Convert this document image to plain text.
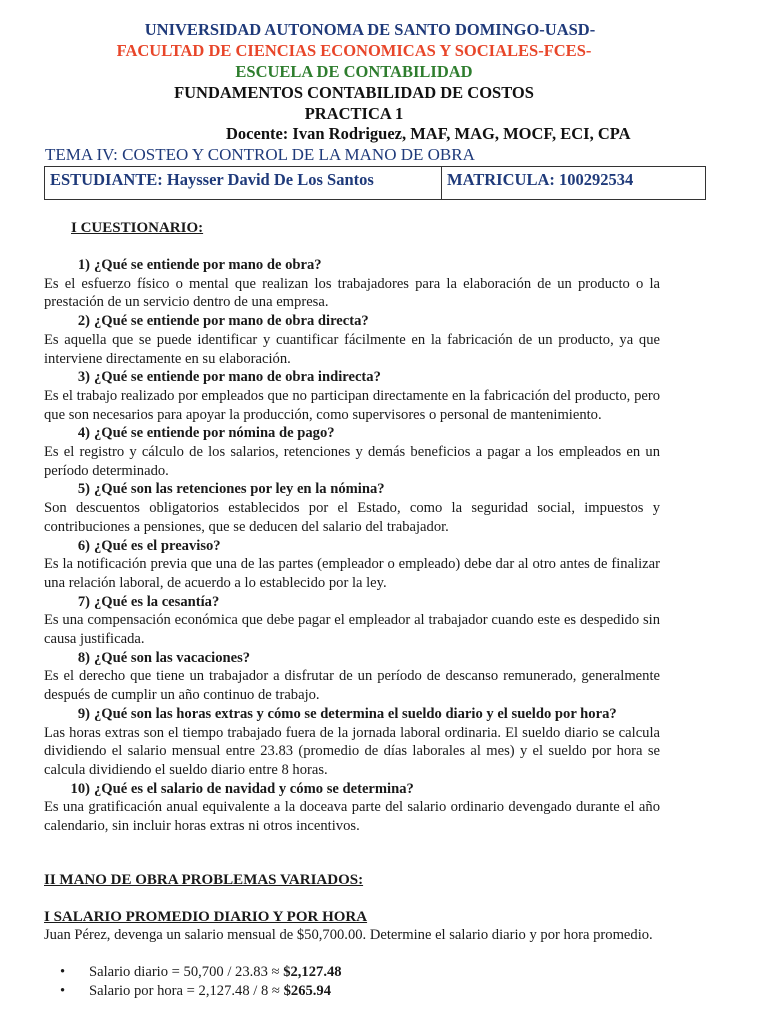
UNIVERSIDAD AUTONOMA DE SANTO DOMINGO-UASD-
FACULTAD DE CIENCIAS ECONOMICAS Y SOCIALES-FCES-
ESCUELA DE CONTABILIDAD
FUNDAMENTOS CONTABILIDAD DE COSTOS
PRACTICA 1
Docente: Ivan Rodriguez, MAF, MAG, MOCF, ECI, CPA
TEMA IV: COSTEO Y CONTROL DE LA MANO DE OBRA
ESTUDIANTE: Haysser David De Los Santos	MATRICULA: 100292534
I CUESTIONARIO:
1) ¿Qué se entiende por mano de obra?
Es el esfuerzo físico o mental que realizan los trabajadores para la elaboración de un producto o la prestación de un servicio dentro de una empresa.
2) ¿Qué se entiende por mano de obra directa?
Es aquella que se puede identificar y cuantificar fácilmente en la fabricación de un producto, ya que interviene directamente en su elaboración.
3) ¿Qué se entiende por mano de obra indirecta?
Es el trabajo realizado por empleados que no participan directamente en la fabricación del producto, pero que son necesarios para apoyar la producción, como supervisores o personal de mantenimiento.
4) ¿Qué se entiende por nómina de pago?
Es el registro y cálculo de los salarios, retenciones y demás beneficios a pagar a los empleados en un período determinado.
5) ¿Qué son las retenciones por ley en la nómina?
Son descuentos obligatorios establecidos por el Estado, como la seguridad social, impuestos y contribuciones a pensiones, que se deducen del salario del trabajador.
6) ¿Qué es el preaviso?
Es la notificación previa que una de las partes (empleador o empleado) debe dar al otro antes de finalizar una relación laboral, de acuerdo a lo establecido por la ley.
7) ¿Qué es la cesantía?
Es una compensación económica que debe pagar el empleador al trabajador cuando este es despedido sin causa justificada.
8) ¿Qué son las vacaciones?
Es el derecho que tiene un trabajador a disfrutar de un período de descanso remunerado, generalmente después de cumplir un año continuo de trabajo.
9) ¿Qué son las horas extras y cómo se determina el sueldo diario y el sueldo por hora?
Las horas extras son el tiempo trabajado fuera de la jornada laboral ordinaria. El sueldo diario se calcula dividiendo el salario mensual entre 23.83 (promedio de días laborales al mes) y el sueldo por hora se calcula dividiendo el sueldo diario entre 8 horas.
10) ¿Qué es el salario de navidad y cómo se determina?
Es una gratificación anual equivalente a la doceava parte del salario ordinario devengado durante el año calendario, sin incluir horas extras ni otros incentivos.
II MANO DE OBRA PROBLEMAS VARIADOS:
I SALARIO PROMEDIO DIARIO Y POR HORA
Juan Pérez, devenga un salario mensual de $50,700.00. Determine el salario diario y por hora promedio.
•	Salario diario = 50,700 / 23.83 ≈
$2,127.48
•	Salario por hora = 2,127.48 / 8 ≈
$265.94
